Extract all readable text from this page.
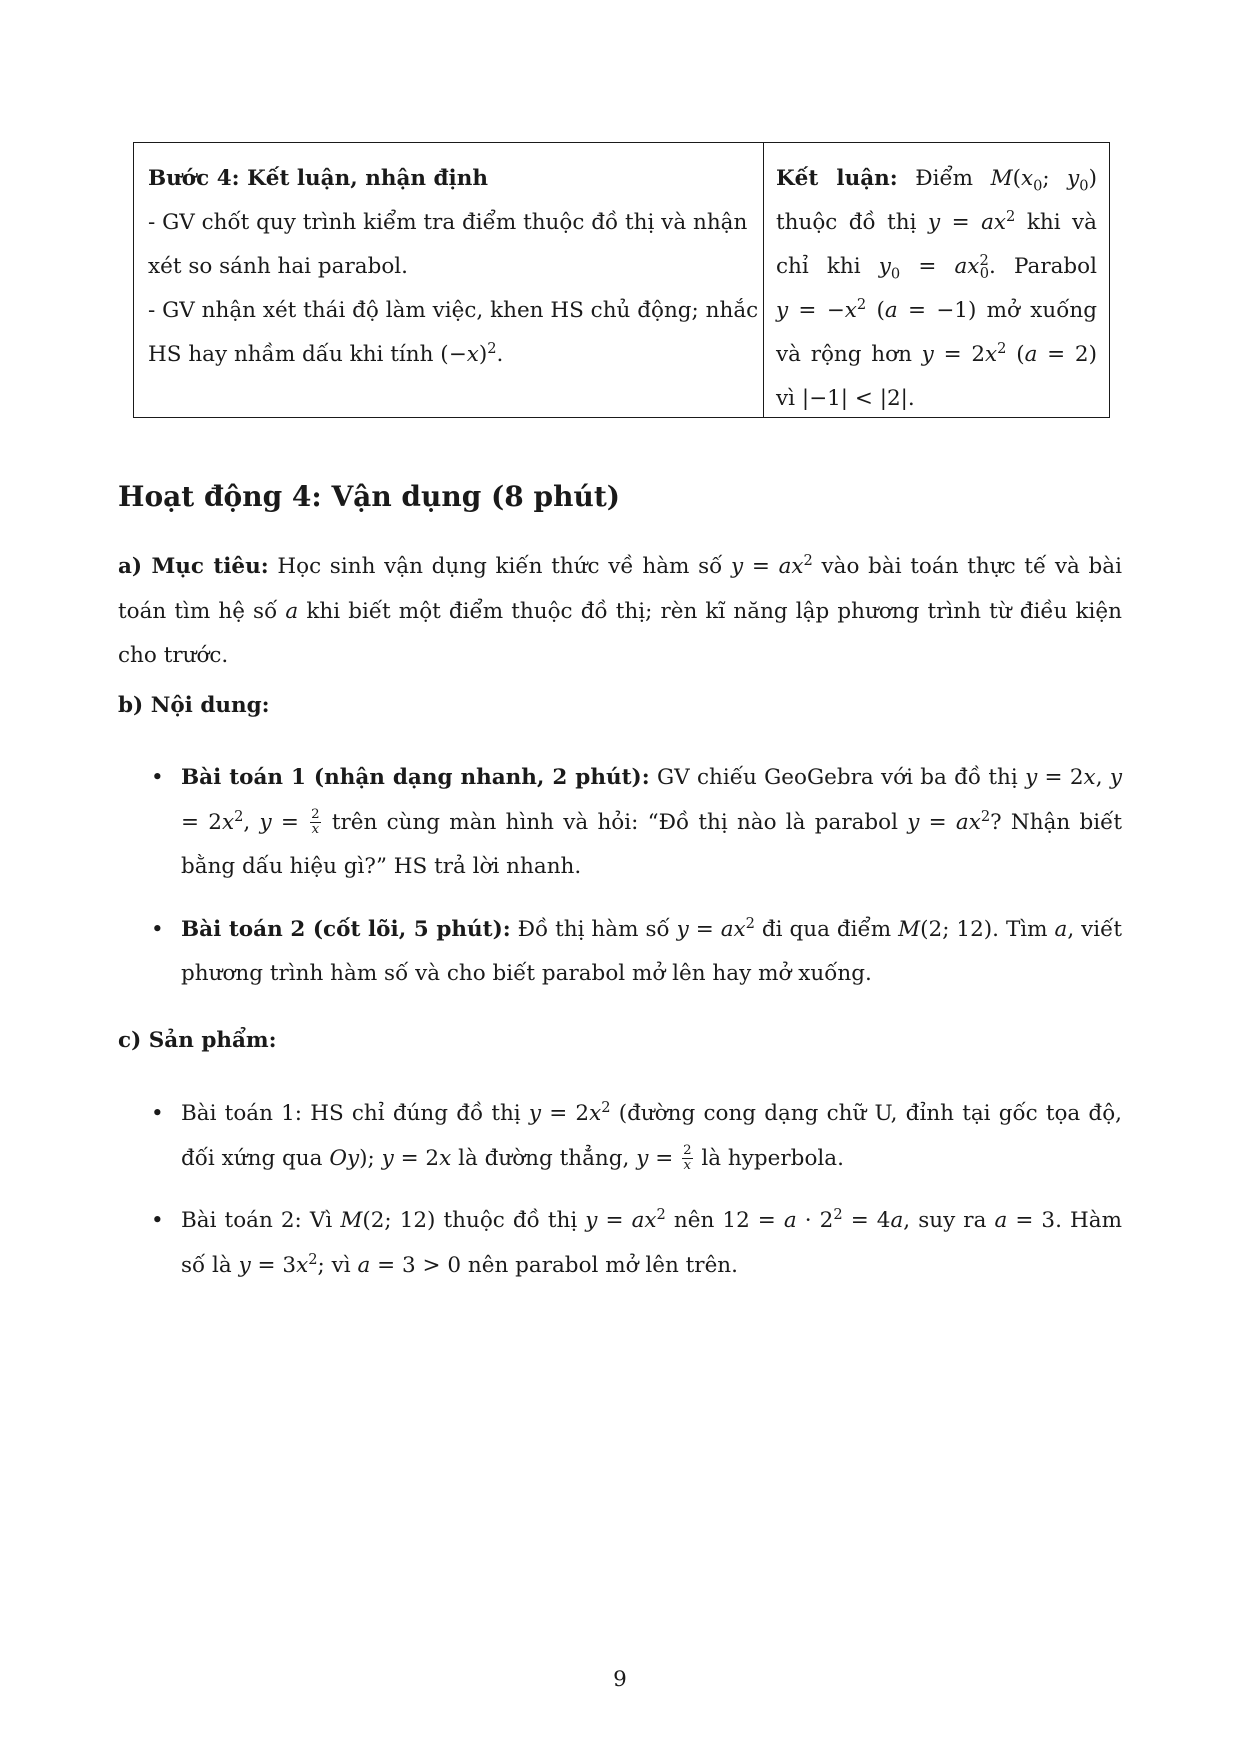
Bước 4: Kết luận, nhận định
- GV chốt quy trình kiểm tra điểm thuộc đồ thị và nhận
xét so sánh hai parabol.
- GV nhận xét thái độ làm việc, khen HS chủ động; nhắc
HS hay nhầm dấu khi tính $(-x)^2$.
Kết luận: Điểm $M(x_0$; $y_0$)
thuộc đồ thị $y = ax^2$ khi và
chỉ khi $y_0 = ax^2_0$. Parabol
$y = -x^2$ (a = −1) mở xuống
và rộng hơn $y = 2x^2$ (a = 2)
vì |−1| < |2|.
Hoạt động 4: Vận dụng (8 phút)
a) Mục tiêu: Học sinh vận dụng kiến thức về hàm số $y = ax^2$ vào bài toán thực tế và bài toán tìm hệ số a khi biết một điểm thuộc đồ thị; rèn kĩ năng lập phương trình từ điều kiện cho trước.
b) Nội dung:
• Bài toán 1 (nhận dạng nhanh, 2 phút): GV chiếu GeoGebra với ba đồ thị y = 2x, $y = 2x^2$, $y = \frac{2}{x}$ trên cùng màn hình và hỏi: “Đồ thị nào là parabol $y = ax^2$? Nhận biết bằng dấu hiệu gì?” HS trả lời nhanh.
• Bài toán 2 (cốt lõi, 5 phút): Đồ thị hàm số $y = ax^2$ đi qua điểm M(2; 12). Tìm a, viết phương trình hàm số và cho biết parabol mở lên hay mở xuống.
c) Sản phẩm:
• Bài toán 1: HS chỉ đúng đồ thị $y = 2x^2$ (đường cong dạng chữ U, đỉnh tại gốc tọa độ, đối xứng qua Oy); y = 2x là đường thẳng, $y = \frac{2}{x}$ là hyperbola.
• Bài toán 2: Vì M(2; 12) thuộc đồ thị $y = ax^2$ nên $12 = a \cdot 2^2 = 4a$, suy ra a = 3. Hàm số là $y = 3x^2$; vì a = 3 > 0 nên parabol mở lên trên.
9
